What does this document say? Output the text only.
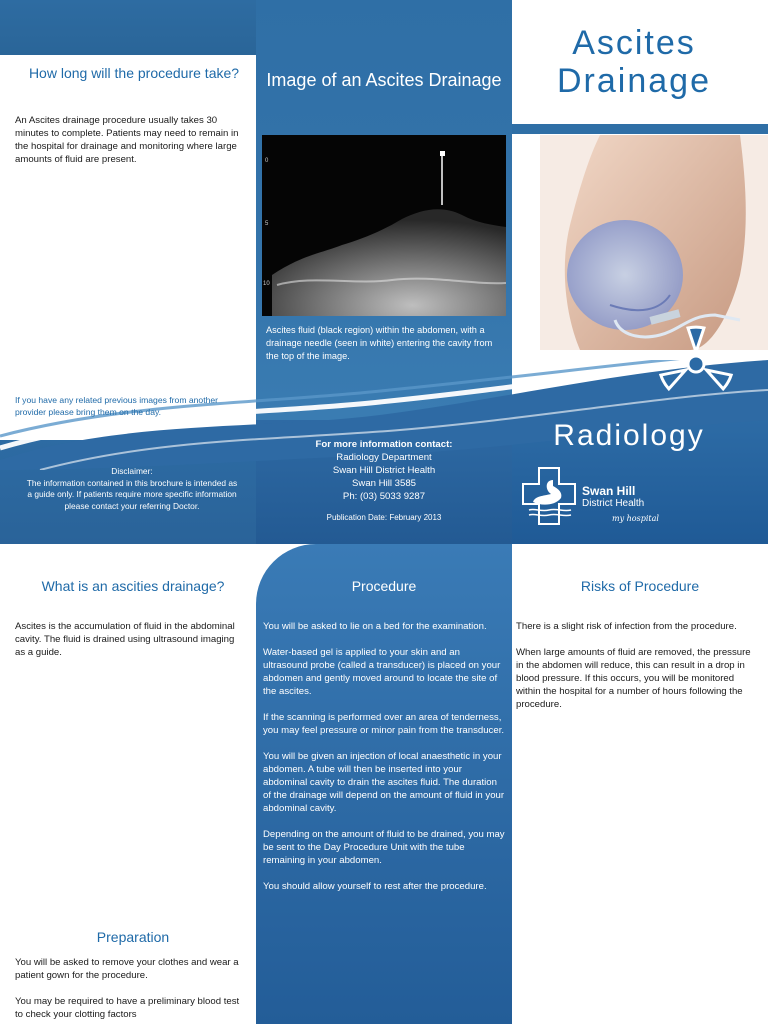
How long will the procedure take?
An Ascites drainage procedure usually takes 30 minutes to complete. Patients may need to remain in the hospital for drainage and monitoring where large amounts of fluid are present.
If you have any related previous images from another provider please bring them on the day.
Disclaimer:
The information contained in this brochure is intended as a guide only. If patients require more specific information please contact your referring Doctor.
Image of an Ascites Drainage
0
5
10
Ascites fluid (black region) within the abdomen, with a drainage needle (seen in white) entering the cavity from the top of the image.
For more information contact:
Radiology Department
Swan Hill District Health
Swan Hill 3585
Ph: (03) 5033 9287
Publication Date: February 2013
Ascites
Drainage
Radiology
Swan Hill
District Health
my hospital
What is an ascities drainage?
Ascites is the accumulation of fluid in the abdominal cavity. The fluid is drained using ultrasound imaging as a guide.
Preparation

You will be asked to remove your clothes and wear a patient gown for the procedure.

You may be required to have a preliminary blood test to check your clotting factors

Procedure

You will be asked to lie on a bed for the examination.

Water-based gel is applied to your skin and an ultrasound probe (called a transducer) is placed on your abdomen and gently moved around to locate the site of the ascites.

If the scanning is performed over an area of tenderness, you may feel pressure or minor pain from the transducer.

You will be given an injection of local anaesthetic in your abdomen. A tube will then be inserted into your abdominal cavity to drain the ascites fluid. The duration of the drainage will depend on the amount of fluid in your abdominal cavity.

Depending on the amount of fluid to be drained, you may be sent to the Day Procedure Unit with the tube remaining in your abdomen.

You should allow yourself to rest after the procedure.

Risks of Procedure

There is a slight risk of infection from the procedure.

When large amounts of fluid are removed, the pressure in the abdomen will reduce, this can result in a drop in blood pressure. If this occurs, you will be monitored within the hospital for a number of hours following the procedure.
